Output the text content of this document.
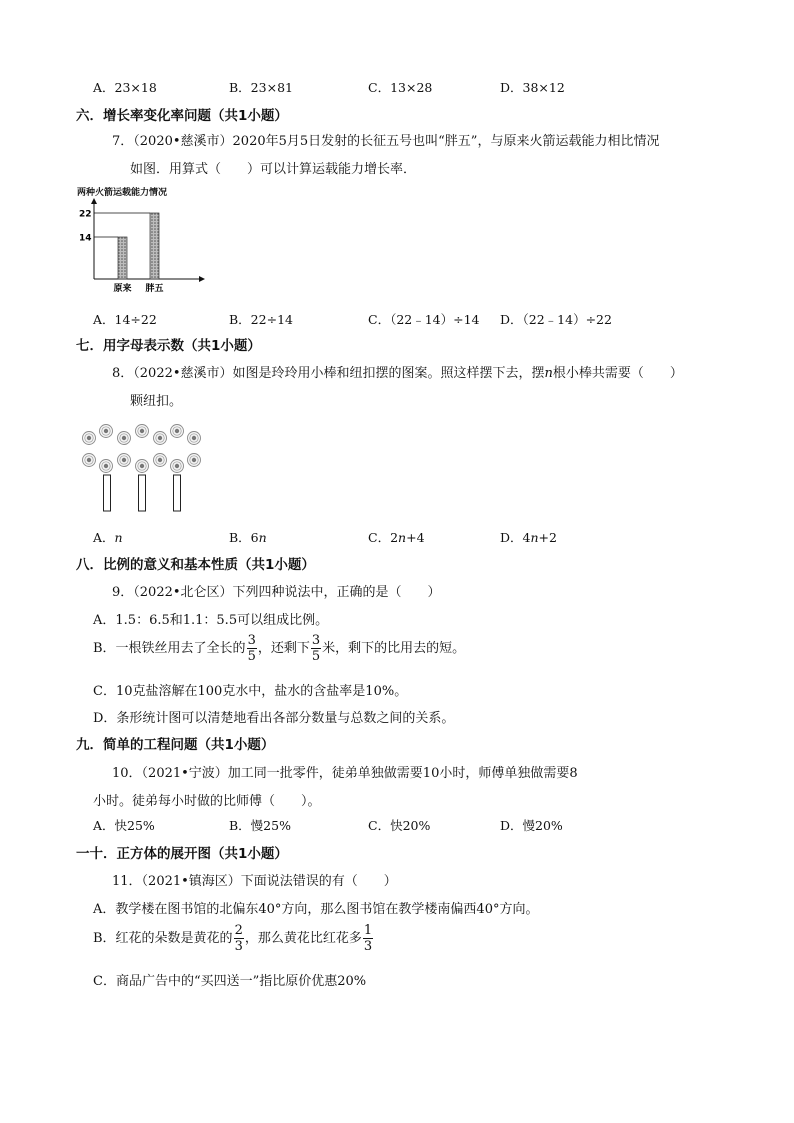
A．23×18	B．23×81	C．13×28	D．38×12
六．增长率变化率问题（共1小题）
7．（2020•慈溪市）2020年5月5日发射的长征五号也叫“胖五”，与原来火箭运载能力相比情况
如图．用算式（　　）可以计算运载能力增长率．
两种火箭运载能力情况
22
14
原来 胖五
A．14÷22	B．22÷14	C．（22﹣14）÷14 D．（22﹣14）÷22
七．用字母表示数（共1小题）
8．（2022•慈溪市）如图是玲玲用小棒和纽扣摆的图案。照这样摆下去，摆n根小棒共需要（　　）
颗纽扣。
A．n	B．6n	C．2n+4	D．4n+2
八．比例的意义和基本性质（共1小题）
9．（2022•北仑区）下列四种说法中，正确的是（　　）
A．1.5：6.5和1.1：5.5可以组成比例。
B．一根铁丝用去了全长的 $\frac{3}{5}$ ，还剩下 $\frac{3}{5}$ 米，剩下的比用去的短。
C．10克盐溶解在100克水中，盐水的含盐率是10%。
D．条形统计图可以清楚地看出各部分数量与总数之间的关系。
九．简单的工程问题（共1小题）
10．（2021•宁波）加工同一批零件，徒弟单独做需要10小时，师傅单独做需要8
小时。徒弟每小时做的比师傅（　　）。
A．快25%	B．慢25%	C．快20%	D．慢20%
一十．正方体的展开图（共1小题）
11．（2021•镇海区）下面说法错误的有（　　）
A．教学楼在图书馆的北偏东40°方向，那么图书馆在教学楼南偏西40°方向。
B．红花的朵数是黄花的 $\frac{2}{3}$ ，那么黄花比红花多 $\frac{1}{3}$
C．商品广告中的“买四送一”指比原价优惠20%
